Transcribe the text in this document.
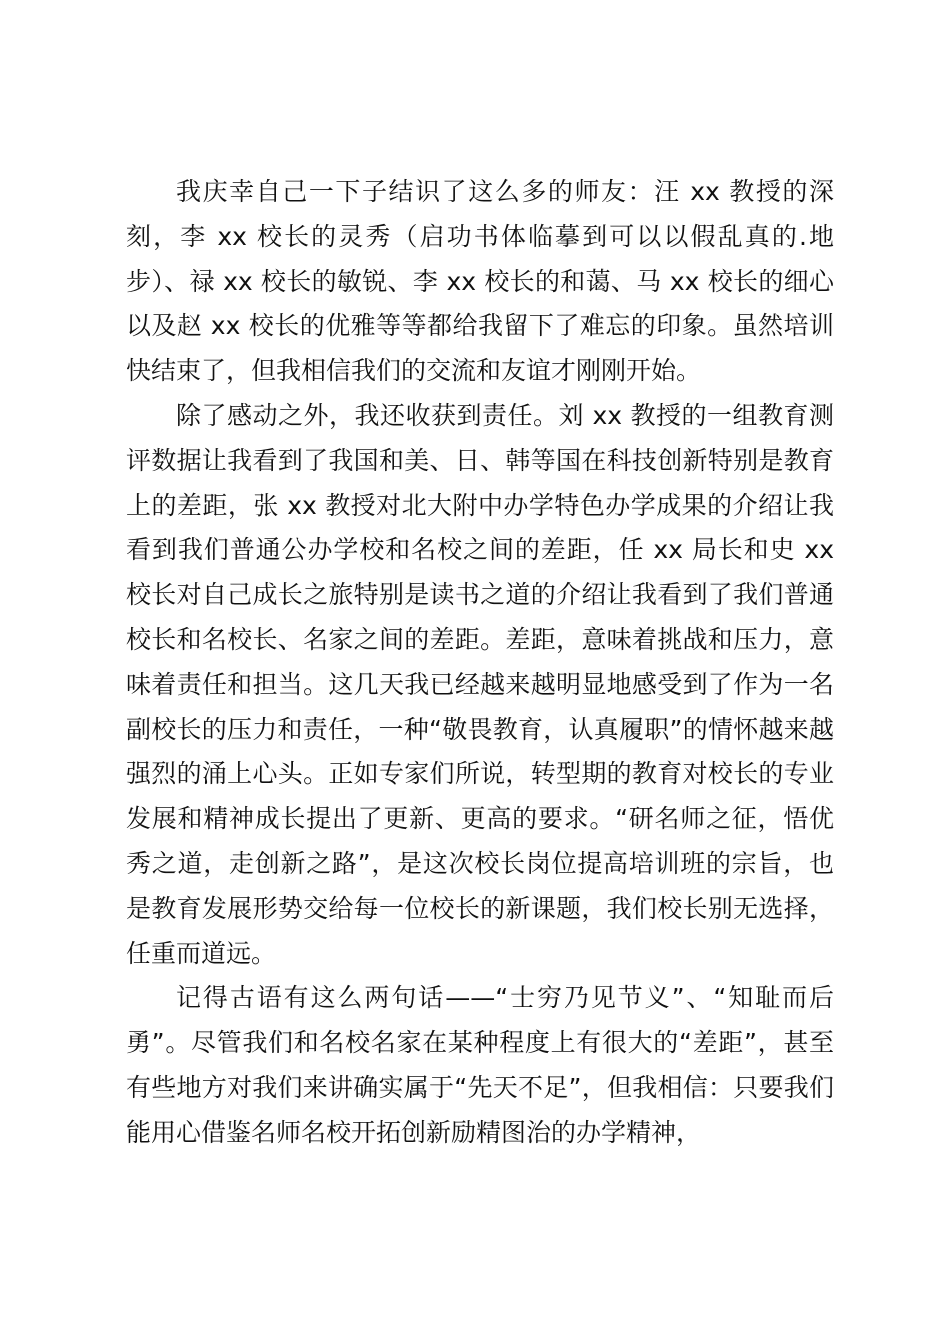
我庆幸自己一下子结识了这么多的师友：汪 xx 教授的深刻，李 xx 校长的灵秀（启功书体临摹到可以以假乱真的.地步）、禄 xx 校长的敏锐、李 xx 校长的和蔼、马 xx 校长的细心以及赵 xx 校长的优雅等等都给我留下了难忘的印象。虽然培训快结束了，但我相信我们的交流和友谊才刚刚开始。

除了感动之外，我还收获到责任。刘 xx 教授的一组教育测评数据让我看到了我国和美、日、韩等国在科技创新特别是教育上的差距，张 xx 教授对北大附中办学特色办学成果的介绍让我看到我们普通公办学校和名校之间的差距，任 xx 局长和史 xx 校长对自己成长之旅特别是读书之道的介绍让我看到了我们普通校长和名校长、名家之间的差距。差距，意味着挑战和压力，意味着责任和担当。这几天我已经越来越明显地感受到了作为一名副校长的压力和责任，一种“敬畏教育，认真履职”的情怀越来越强烈的涌上心头。正如专家们所说，转型期的教育对校长的专业发展和精神成长提出了更新、更高的要求。“研名师之征，悟优秀之道，走创新之路”，是这次校长岗位提高培训班的宗旨，也是教育发展形势交给每一位校长的新课题，我们校长别无选择，任重而道远。

记得古语有这么两句话——“士穷乃见节义”、“知耻而后勇”。尽管我们和名校名家在某种程度上有很大的“差距”，甚至有些地方对我们来讲确实属于“先天不足”，但我相信：只要我们能用心借鉴名师名校开拓创新励精图治的办学精神，
